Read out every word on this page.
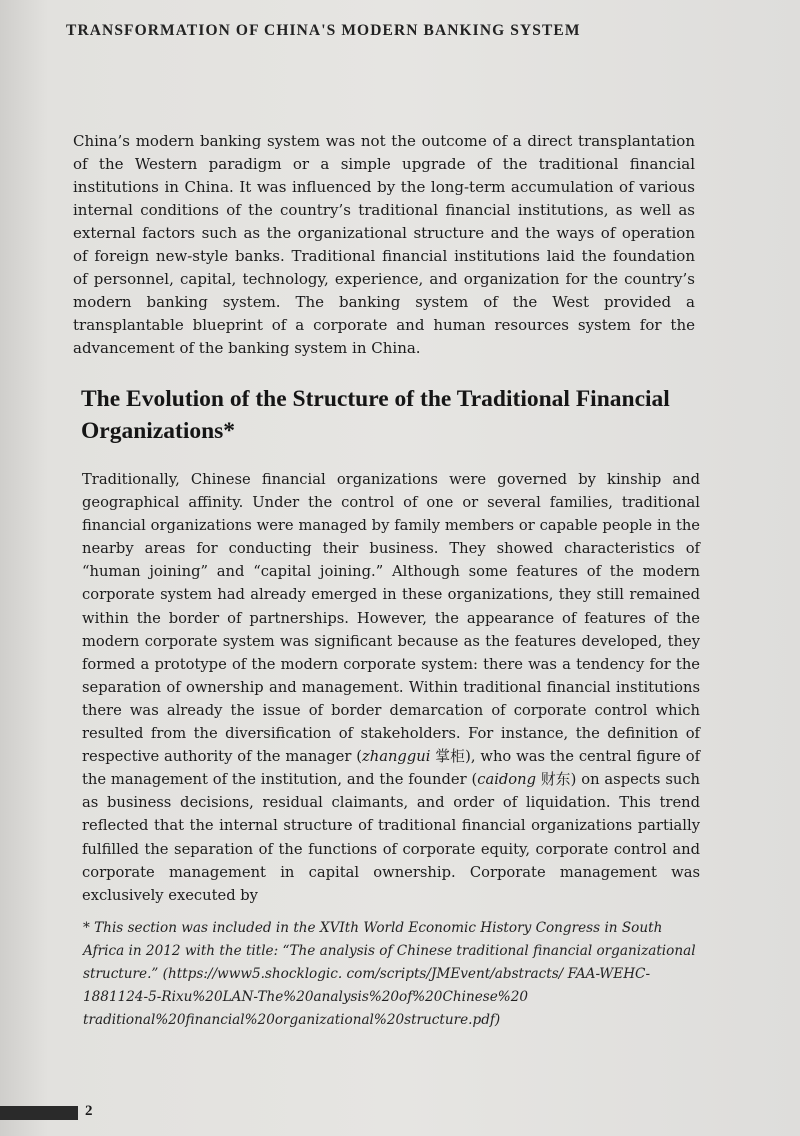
TRANSFORMATION OF CHINA'S MODERN BANKING SYSTEM

China’s modern banking system was not the outcome of a direct transplantation of the Western paradigm or a simple upgrade of the traditional financial institutions in China. It was influenced by the long-term accumulation of various internal conditions of the country’s traditional financial institutions, as well as external factors such as the organizational structure and the ways of operation of foreign new-style banks. Traditional financial institutions laid the foundation of personnel, capital, technology, experience, and organization for the country’s modern banking system. The banking system of the West provided a transplantable blueprint of a corporate and human resources system for the advancement of the banking system in China.

The Evolution of the Structure of the Traditional Financial Organizations*

Traditionally, Chinese financial organizations were governed by kinship and geographical affinity. Under the control of one or several families, traditional financial organizations were managed by family members or capable people in the nearby areas for conducting their business. They showed characteristics of “human joining” and “capital joining.” Although some features of the modern corporate system had already emerged in these organizations, they still remained within the border of partnerships. However, the appearance of features of the modern corporate system was significant because as the features developed, they formed a prototype of the modern corporate system: there was a tendency for the separation of ownership and management. Within traditional financial institutions there was already the issue of border demarcation of corporate control which resulted from the diversification of stakeholders. For instance, the definition of respective authority of the manager (zhanggui 掌柜), who was the central figure of the management of the institution, and the founder (caidong 财东) on aspects such as business decisions, residual claimants, and order of liquidation. This trend reflected that the internal structure of traditional financial organizations partially fulfilled the separation of the functions of corporate equity, corporate control and corporate management in capital ownership. Corporate management was exclusively executed by

* This section was included in the XVIth World Economic History Congress in South Africa in 2012 with the title: “The analysis of Chinese traditional financial organizational structure.” (https://www5.shocklogic. com/scripts/JMEvent/abstracts/ FAA-WEHC-1881124-5-Rixu%20LAN-The%20analysis%20of%20Chinese%20 traditional%20financial%20organizational%20structure.pdf)

2
